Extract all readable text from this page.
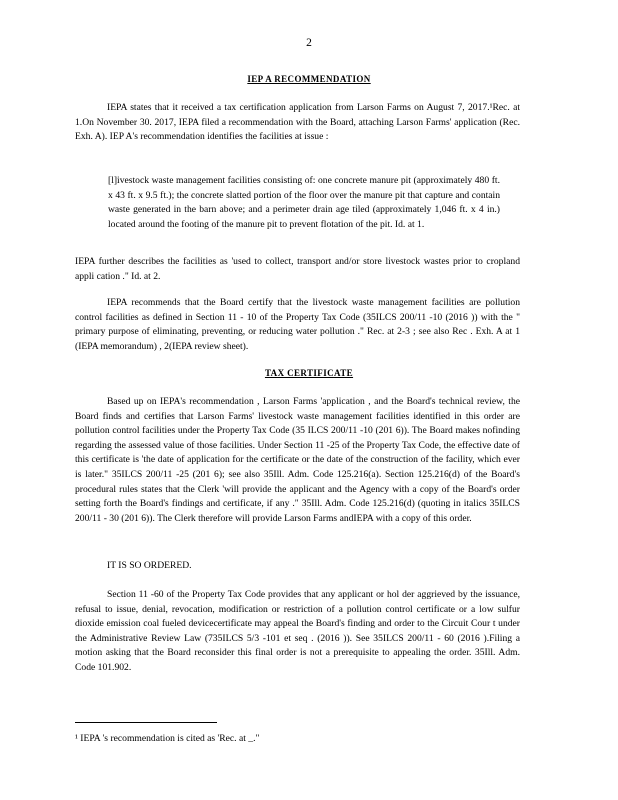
2
IEP A RECOMMENDATION

IEPA states that it received a tax certification application from Larson Farms on August 7, 2017.¹Rec. at 1.On November 30. 2017, IEPA filed a recommendation with the Board, attaching Larson Farms' application (Rec. Exh. A). IEP A's recommendation identifies the facilities at issue :

[l]ivestock waste management facilities consisting of: one concrete manure pit (approximately 480 ft. x 43 ft. x 9.5 ft.); the concrete slatted portion of the floor over the manure pit that capture and contain waste generated in the barn above; and a perimeter drain age tiled (approximately 1,046 ft. x 4 in.) located around the footing of the manure pit to prevent flotation of the pit. Id. at 1.

IEPA further describes the facilities as 'used to collect, transport and/or store livestock wastes prior to cropland appli cation ." Id. at 2.

IEPA recommends that the Board certify that the livestock waste management facilities are pollution control facilities as defined in Section 11 - 10 of the Property Tax Code (35ILCS 200/11 -10 (2016 )) with the " primary purpose of eliminating, preventing, or reducing water pollution ." Rec. at 2-3 ; see also Rec . Exh. A at 1 (IEPA memorandum) , 2(IEPA review sheet).

TAX CERTIFICATE

Based up on IEPA's recommendation , Larson Farms 'application , and the Board's technical review, the Board finds and certifies that Larson Farms' livestock waste management facilities identified in this order are pollution control facilities under the Property Tax Code (35 ILCS 200/11 -10 (201 6)). The Board makes nofinding regarding the assessed value of those facilities. Under Section 11 -25 of the Property Tax Code, the effective date of this certificate is 'the date of application for the certificate or the date of the construction of the facility, which ever is later." 35ILCS 200/11 -25 (201 6); see also 35Ill. Adm. Code 125.216(a). Section 125.216(d) of the Board's procedural rules states that the Clerk 'will provide the applicant and the Agency with a copy of the Board's order setting forth the Board's findings and certificate, if any ." 35Ill. Adm. Code 125.216(d) (quoting in italics 35ILCS 200/11 - 30 (201 6)). The Clerk therefore will provide Larson Farms andIEPA with a copy of this order.

IT IS SO ORDERED.

Section 11 -60 of the Property Tax Code provides that any applicant or hol der aggrieved by the issuance, refusal to issue, denial, revocation, modification or restriction of a pollution control certificate or a low sulfur dioxide emission coal fueled devicecertificate may appeal the Board's finding and order to the Circuit Cour t under the Administrative Review Law (735ILCS 5/3 -101 et seq . (2016 )). See 35ILCS 200/11 - 60 (2016 ).Filing a motion asking that the Board reconsider this final order is not a prerequisite to appealing the order. 35Ill. Adm. Code 101.902.

¹ IEPA 's recommendation is cited as 'Rec. at _."
